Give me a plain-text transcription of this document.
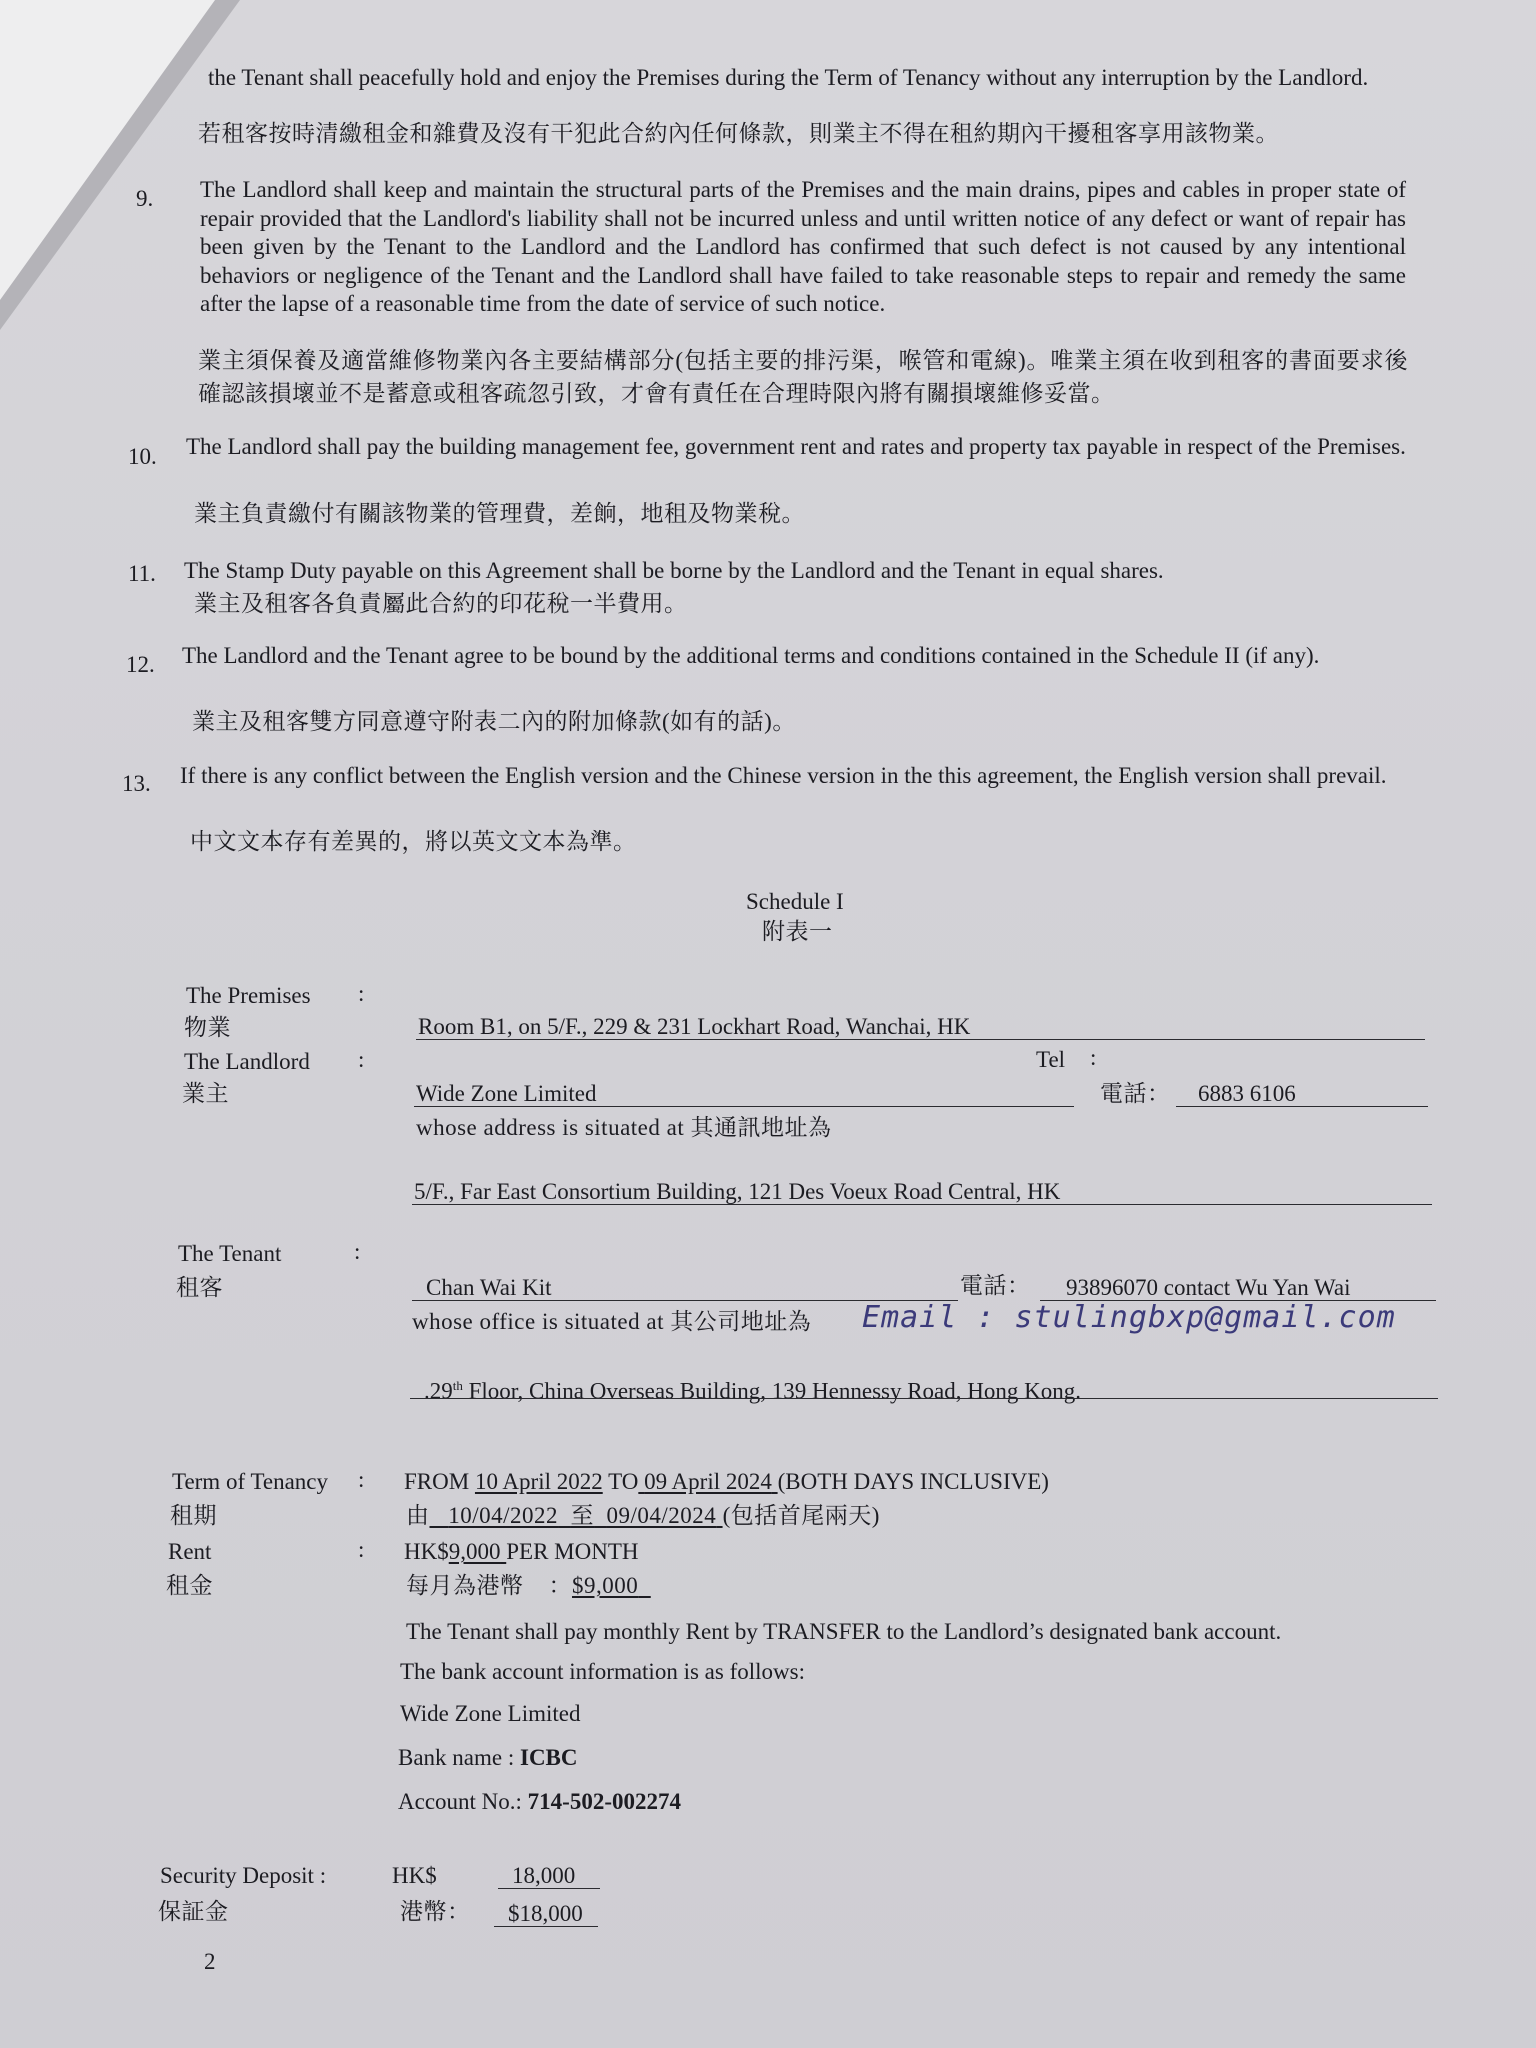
the Tenant shall peacefully hold and enjoy the Premises during the Term of Tenancy without any interruption by the Landlord.
若租客按時清繳租金和雜費及沒有干犯此合約內任何條款，則業主不得在租約期內干擾租客享用該物業。
9. The Landlord shall keep and maintain the structural parts of the Premises and the main drains, pipes and cables in proper state of repair provided that the Landlord's liability shall not be incurred unless and until written notice of any defect or want of repair has been given by the Tenant to the Landlord and the Landlord has confirmed that such defect is not caused by any intentional behaviors or negligence of the Tenant and the Landlord shall have failed to take reasonable steps to repair and remedy the same after the lapse of a reasonable time from the date of service of such notice.
業主須保養及適當維修物業內各主要結構部分(包括主要的排污渠，喉管和電線)。唯業主須在收到租客的書面要求後確認該損壞並不是蓄意或租客疏忽引致，才會有責任在合理時限內將有關損壞維修妥當。
10. The Landlord shall pay the building management fee, government rent and rates and property tax payable in respect of the Premises.
業主負責繳付有關該物業的管理費，差餉，地租及物業稅。
11. The Stamp Duty payable on this Agreement shall be borne by the Landlord and the Tenant in equal shares.
業主及租客各負責屬此合約的印花稅一半費用。
12. The Landlord and the Tenant agree to be bound by the additional terms and conditions contained in the Schedule II (if any).
業主及租客雙方同意遵守附表二內的附加條款(如有的話)。
13. If there is any conflict between the English version and the Chinese version in the this agreement, the English version shall prevail.
中文文本存有差異的，將以英文文本為準。
Schedule I
附表一
The Premises :
物業	Room B1, on 5/F., 229 & 231 Lockhart Road, Wanchai, HK
The Landlord :	Tel :
業主	Wide Zone Limited	電話： 6883 6106
whose address is situated at 其通訊地址為
5/F., Far East Consortium Building, 121 Des Voeux Road Central, HK
The Tenant	:
租客	Chan Wai Kit	電話： 93896070 contact Wu Yan Wai
whose office is situated at 其公司地址為 Email : stulingbxp@gmail.com
.29th Floor, China Overseas Building, 139 Hennessy Road, Hong Kong.
Term of Tenancy : FROM 10 April 2022 TO 09 April 2024 (BOTH DAYS INCLUSIVE)
租期	由 10/04/2022 至 09/04/2024 (包括首尾兩天)
Rent	: HK$9,000 PER MONTH
租金	每月為港幣 ：$9,000
The Tenant shall pay monthly Rent by TRANSFER to the Landlord’s designated bank account.
The bank account information is as follows:
Wide Zone Limited
Bank name : ICBC
Account No.: 714-502-002274
Security Deposit :	HK$	18,000
保証金	港幣： $18,000
2
